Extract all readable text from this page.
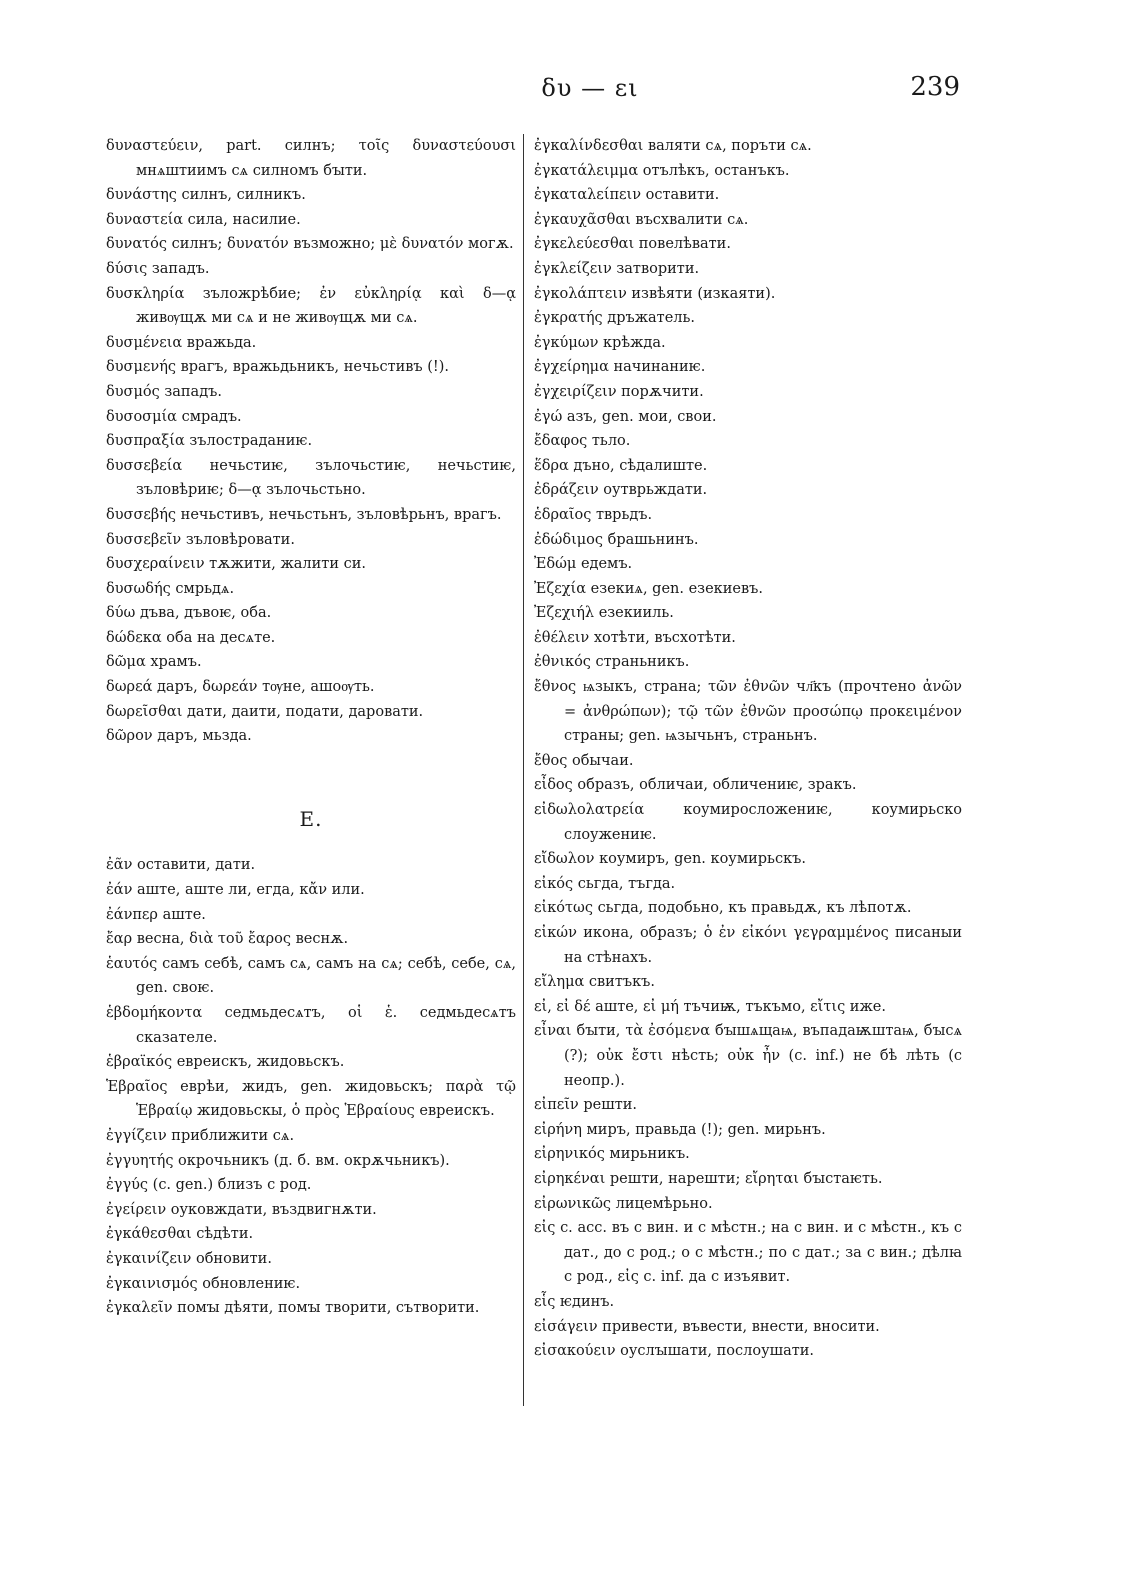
δυ — ει	239

δυναστεύειν, part. силнъ; τοῖς δυναστεύουσι мнѧштиимъ сѧ силномъ бꙑти.

δυνάστης силнъ, силникъ.

δυναστεία сила, насилие.

δυνατός силнъ; δυνατόν възможно; μὲ δυνατόν могѫ.

δύσις западъ.

δυσκληρία зъложрѣбие; ἐν εὐκληρίᾳ καὶ δ—ᾳ живѹщѫ ми сѧ и не живѹщѫ ми сѧ.

δυσμένεια вражьда.

δυσμενής врагъ, вражьдьникъ, нечьстивъ (!).

δυσμός западъ.

δυσοσμία смрадъ.

δυσπραξία зълостраданиѥ.

δυσσεβεία нечьстиѥ, зълочьстиѥ, нечьстиѥ, зъловѣриѥ; δ—ᾳ зълочьстьно.

δυσσεβής нечьстивъ, нечьстьнъ, зъловѣрьнъ, врагъ.

δυσσεβεῖν зъловѣровати.

δυσχεραίνειν тѫжити, жалити си.

δυσωδής смрьдѧ.

δύω дъва, дъвоѥ, оба.

δώδεκα оба на десѧте.

δῶμα храмъ.

δωρεά даръ, δωρεάν тѹне, ашоѹть.

δωρεῖσθαι дати, даити, подати, даровати.

δῶρον даръ, мьзда.

Ε.

ἐᾶν оставити, дати.

ἐάν аште, аште ли, егда, κἄν или.

ἐάνπερ аште.

ἔαρ весна, διὰ τοῦ ἔαρος веснѫ.

ἑαυτός самъ себѣ, самъ сѧ, самъ на сѧ; себѣ, себе, сѧ, gen. своѥ.

ἑβδομήκοντα седмьдесѧтъ, οἱ ἑ. седмьдесѧтъ сказателе.

ἑβραϊκός евреискъ, жидовьскъ.

Ἑβραῖος еврѣи, жидъ, gen. жидовьскъ; παρὰ τῷ Ἑβραίῳ жидовьскы, ὁ πρὸς Ἑβραίους евреискъ.

ἐγγίζειν приближити сѧ.

ἐγγυητής окрочьникъ (д. б. вм. окрѫчьникъ).

ἐγγύς (с. gen.) близъ с род.

ἐγείρειν оуковждати, въздвигнѫти.

ἐγκάθεσθαι сѣдѣти.

ἐγκαινίζειν обновити.

ἐγκαινισμός обновлениѥ.

ἐγκαλεῖν помꙑ дѣяти, помꙑ творити, сътворити.

ἐγκαλίνδεσθαι валяти сѧ, поръти сѧ.

ἐγκατάλειμμα отълѣкъ, останъкъ.

ἐγκαταλείπειν оставити.

ἐγκαυχᾶσθαι въсхвалити сѧ.

ἐγκελεύεσθαι повелѣвати.

ἐγκλείζειν затворити.

ἐγκολάπτειν извѣяти (изкаяти).

ἐγκρατής дръжатель.

ἐγκύμων крѣжда.

ἐγχείρημα начинаниѥ.

ἐγχειρίζειν порѫчити.

ἐγώ азъ, gen. мои, свои.

ἔδαφος тьло.

ἕδρα дъно, сѣдалиште.

ἐδράζειν оутврьждати.

ἑδραῖος тврьдъ.

ἐδώδιμος брашьнинъ.

Ἐδώμ едемъ.

Ἐζεχία езекиѧ, gen. езекиевъ.

Ἐζεχιήλ езекииль.

ἐθέλειν хотѣти, въсхотѣти.

ἐθνικός страньникъ.

ἔθνος ѩзыкъ, страна; τῶν ἐθνῶν чл҃къ (прочтено ἀνῶν = ἀνθρώπων); τῷ τῶν ἐθνῶν προσώπῳ προκειμένον страны; gen. ѩзычьнъ, страньнъ.

ἔθος обычаи.

εἶδος образъ, обличаи, обличениѥ, зракъ.

εἰδωλολατρεία коумиросложениѥ, коумирьско слоужениѥ.

εἴδωλον коумиръ, gen. коумирьскъ.

εἰκός сьгда, тъгда.

εἰκότως сьгда, подобьно, къ правьдѫ, къ лѣпотѫ.

εἰκών икона, образъ; ὁ ἐν εἰκόνι γεγραμμένος писаныи на стѣнахъ.

εἴλημα свитъкъ.

εἰ, εἰ δέ аште, εἰ μή тъчиѭ, тъкъмо, εἴτις иже.

εἶναι бꙑти, τὰ ἐσόμενα бꙑшѧщаѩ, въпадаѭштаѩ, бꙑсѧ (?); οὐκ ἔστι нѣсть; οὐκ ἦν (с. inf.) не бѣ лѣть (с неопр.).

εἰπεῖν решти.

εἰρήνη миръ, правьда (!); gen. мирьнъ.

εἰρηνικός мирьникъ.

εἰρηκέναι решти, нарешти; εἴρηται бꙑстаѥть.

εἰρωνικῶς лицемѣрьно.

εἰς с. acc. въ с вин. и с мѣстн.; на с вин. и с мѣстн., къ с дат., до с род.; о с мѣстн.; по с дат.; за с вин.; дѣлꙗ с род., εἰς с. inf. да с изъявит.

εἷς ѥдинъ.

εἰσάγειν привести, въвести, внести, вносити.

εἰσακούειν оуслꙑшати, послоушати.
